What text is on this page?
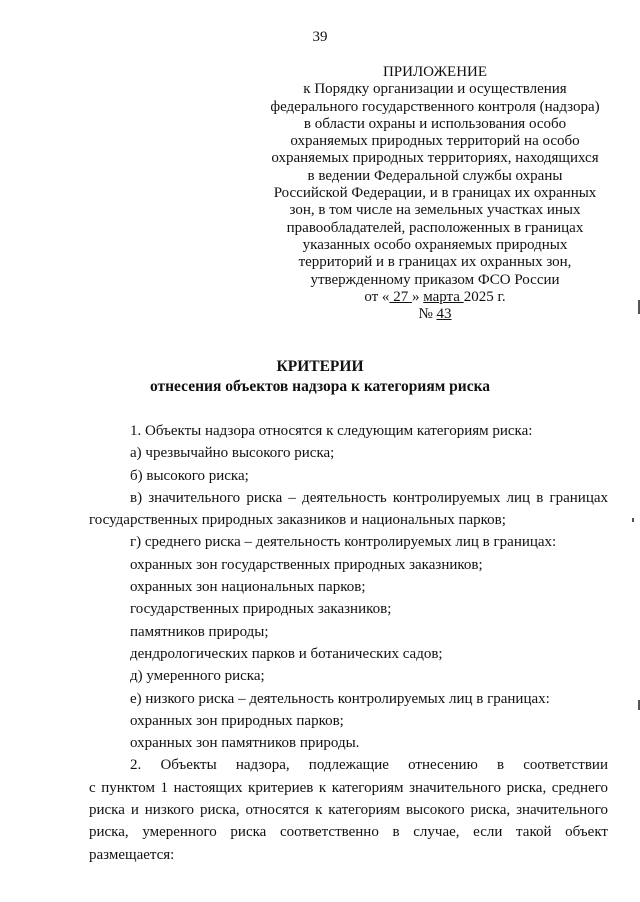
39
ПРИЛОЖЕНИЕ
к Порядку организации и осуществления
федерального государственного контроля (надзора)
в области охраны и использования особо
охраняемых природных территорий на особо
охраняемых природных территориях, находящихся
в ведении Федеральной службы охраны
Российской Федерации, и в границах их охранных
зон, в том числе на земельных участках иных
правообладателей, расположенных в границах
указанных особо охраняемых природных
территорий и в границах их охранных зон,
утвержденному приказом ФСО России
от « 27 » марта 2025 г.
№ 43
КРИТЕРИИ
отнесения объектов надзора к категориям риска
1. Объекты надзора относятся к следующим категориям риска:
а) чрезвычайно высокого риска;
б) высокого риска;
в) значительного риска – деятельность контролируемых лиц в границах
государственных природных заказников и национальных парков;
г) среднего риска – деятельность контролируемых лиц в границах:
охранных зон государственных природных заказников;
охранных зон национальных парков;
государственных природных заказников;
памятников природы;
дендрологических парков и ботанических садов;
д) умеренного риска;
е) низкого риска – деятельность контролируемых лиц в границах:
охранных зон природных парков;
охранных зон памятников природы.
2. Объекты надзора, подлежащие отнесению в соответствии
с пунктом 1 настоящих критериев к категориям значительного риска, среднего
риска и низкого риска, относятся к категориям высокого риска, значительного
риска, умеренного риска соответственно в случае, если такой объект
размещается:
